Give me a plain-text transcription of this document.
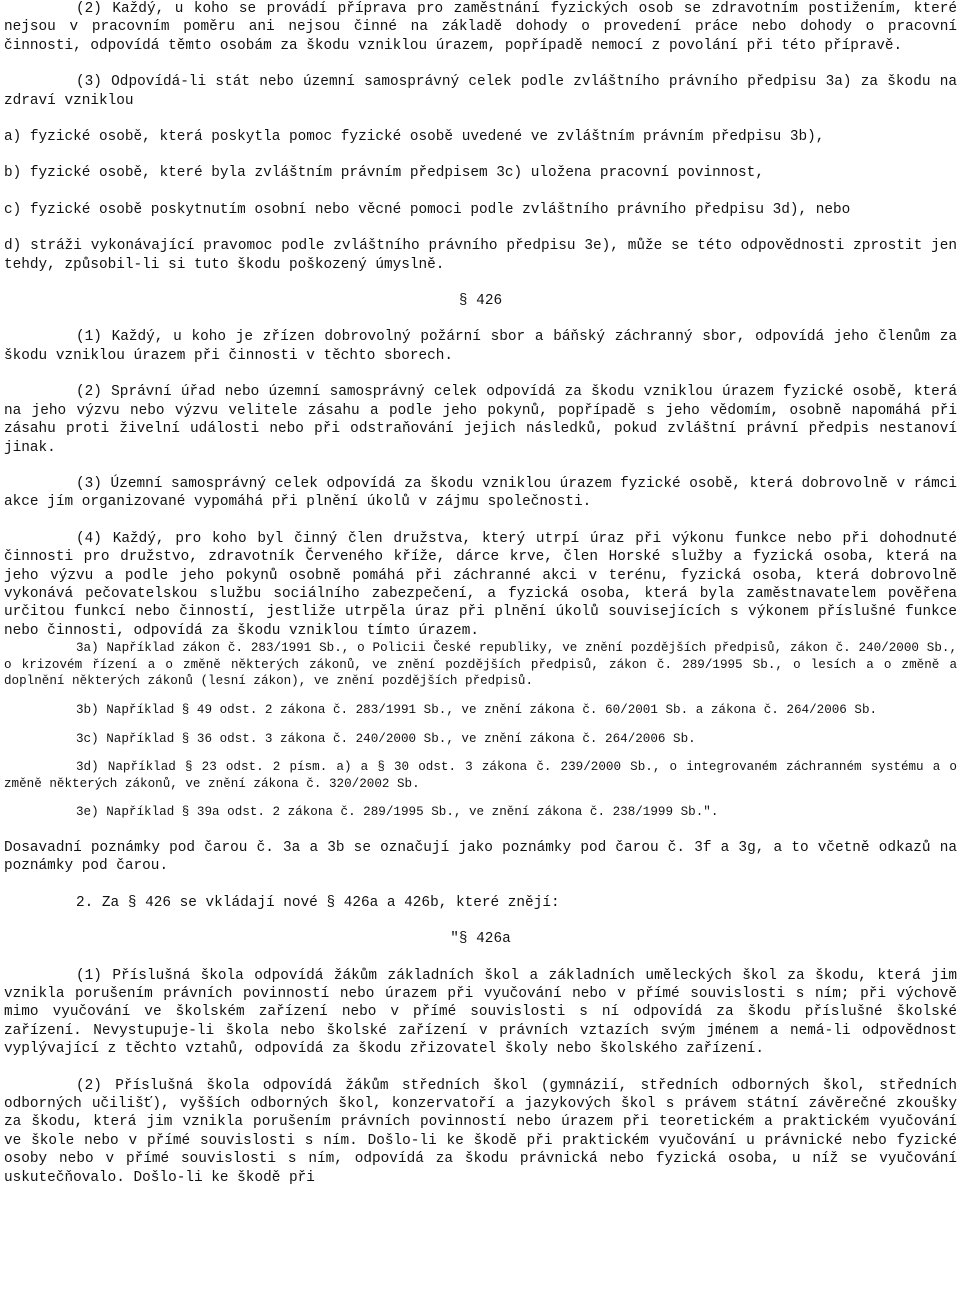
(2) Každý, u koho se provádí příprava pro zaměstnání fyzických osob se zdravotním postižením, které nejsou v pracovním poměru ani nejsou činné na základě dohody o provedení práce nebo dohody o pracovní činnosti, odpovídá těmto osobám za škodu vzniklou úrazem, popřípadě nemocí z povolání při této přípravě.

(3) Odpovídá-li stát nebo územní samosprávný celek podle zvláštního právního předpisu 3a) za škodu na zdraví vzniklou

a) fyzické osobě, která poskytla pomoc fyzické osobě uvedené ve zvláštním právním předpisu 3b),

b) fyzické osobě, které byla zvláštním právním předpisem 3c) uložena pracovní povinnost,

c) fyzické osobě poskytnutím osobní nebo věcné pomoci podle zvláštního právního předpisu 3d), nebo

d) stráži vykonávající pravomoc podle zvláštního právního předpisu 3e), může se této odpovědnosti zprostit jen tehdy, způsobil-li si tuto škodu poškozený úmyslně.

§ 426

(1) Každý, u koho je zřízen dobrovolný požární sbor a báňský záchranný sbor, odpovídá jeho členům za škodu vzniklou úrazem při činnosti v těchto sborech.

(2) Správní úřad nebo územní samosprávný celek odpovídá za škodu vzniklou úrazem fyzické osobě, která na jeho výzvu nebo výzvu velitele zásahu a podle jeho pokynů, popřípadě s jeho vědomím, osobně napomáhá při zásahu proti živelní události nebo při odstraňování jejich následků, pokud zvláštní právní předpis nestanoví jinak.

(3) Územní samosprávný celek odpovídá za škodu vzniklou úrazem fyzické osobě, která dobrovolně v rámci akce jím organizované vypomáhá při plnění úkolů v zájmu společnosti.

(4) Každý, pro koho byl činný člen družstva, který utrpí úraz při výkonu funkce nebo při dohodnuté činnosti pro družstvo, zdravotník Červeného kříže, dárce krve, člen Horské služby a fyzická osoba, která na jeho výzvu a podle jeho pokynů osobně pomáhá při záchranné akci v terénu, fyzická osoba, která dobrovolně vykonává pečovatelskou službu sociálního zabezpečení, a fyzická osoba, která byla zaměstnavatelem pověřena určitou funkcí nebo činností, jestliže utrpěla úraz při plnění úkolů souvisejících s výkonem příslušné funkce nebo činnosti, odpovídá za škodu vzniklou tímto úrazem.

3a) Například zákon č. 283/1991 Sb., o Policii České republiky, ve znění pozdějších předpisů, zákon č. 240/2000 Sb., o krizovém řízení a o změně některých zákonů, ve znění pozdějších předpisů, zákon č. 289/1995 Sb., o lesích a o změně a doplnění některých zákonů (lesní zákon), ve znění pozdějších předpisů.

3b) Například § 49 odst. 2 zákona č. 283/1991 Sb., ve znění zákona č. 60/2001 Sb. a zákona č. 264/2006 Sb.

3c) Například § 36 odst. 3 zákona č. 240/2000 Sb., ve znění zákona č. 264/2006 Sb.

3d) Například § 23 odst. 2 písm. a) a § 30 odst. 3 zákona č. 239/2000 Sb., o integrovaném záchranném systému a o změně některých zákonů, ve znění zákona č. 320/2002 Sb.

3e) Například § 39a odst. 2 zákona č. 289/1995 Sb., ve znění zákona č. 238/1999 Sb.".

Dosavadní poznámky pod čarou č. 3a a 3b se označují jako poznámky pod čarou č. 3f a 3g, a to včetně odkazů na poznámky pod čarou.

2. Za § 426 se vkládají nové § 426a a 426b, které znějí:

"§ 426a

(1) Příslušná škola odpovídá žákům základních škol a základních uměleckých škol za škodu, která jim vznikla porušením právních povinností nebo úrazem při vyučování nebo v přímé souvislosti s ním; při výchově mimo vyučování ve školském zařízení nebo v přímé souvislosti s ní odpovídá za škodu příslušné školské zařízení. Nevystupuje-li škola nebo školské zařízení v právních vztazích svým jménem a nemá-li odpovědnost vyplývající z těchto vztahů, odpovídá za škodu zřizovatel školy nebo školského zařízení.

(2) Příslušná škola odpovídá žákům středních škol (gymnázií, středních odborných škol, středních odborných učilišť), vyšších odborných škol, konzervatoří a jazykových škol s právem státní závěrečné zkoušky za škodu, která jim vznikla porušením právních povinností nebo úrazem při teoretickém a praktickém vyučování ve škole nebo v přímé souvislosti s ním. Došlo-li ke škodě při praktickém vyučování u právnické nebo fyzické osoby nebo v přímé souvislosti s ním, odpovídá za škodu právnická nebo fyzická osoba, u níž se vyučování uskutečňovalo. Došlo-li ke škodě při
